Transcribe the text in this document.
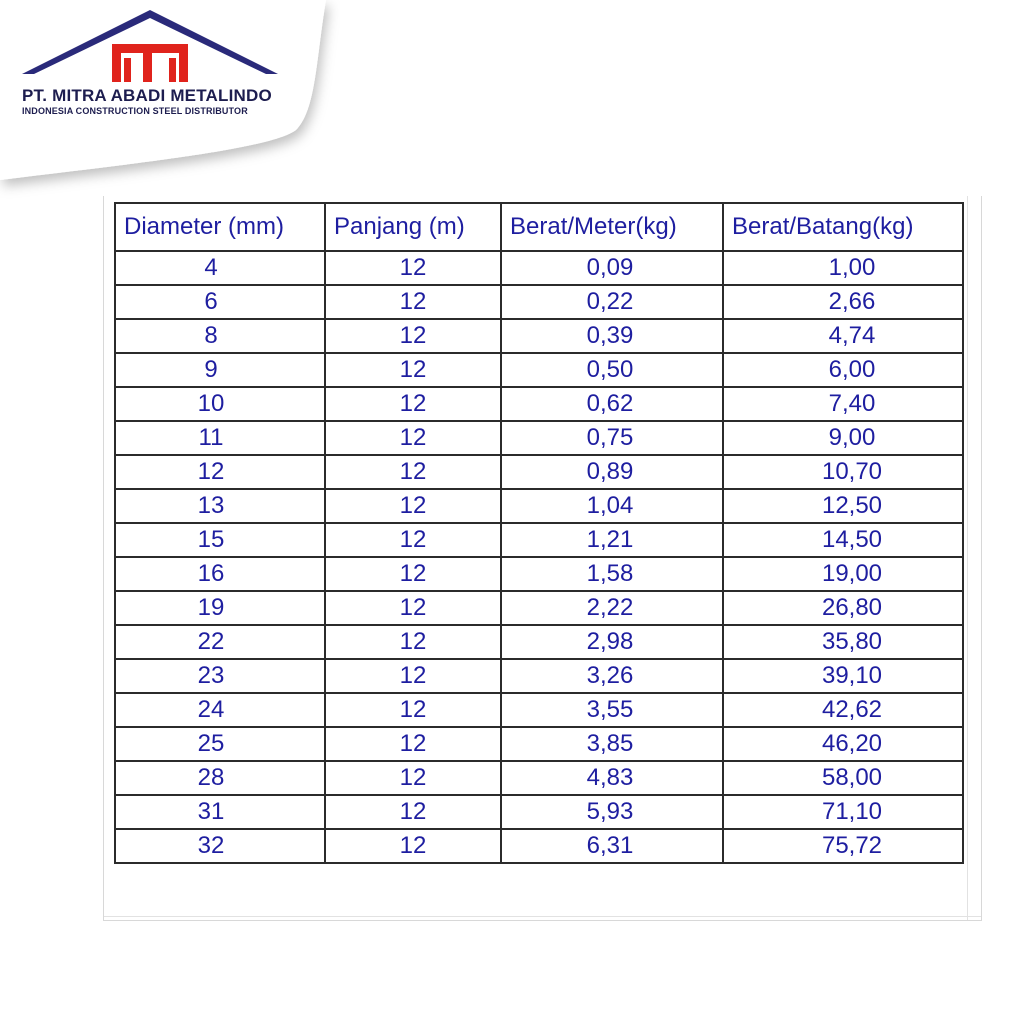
PT. MITRA ABADI METALINDO
INDONESIA CONSTRUCTION STEEL DISTRIBUTOR
Diameter (mm)	Panjang (m)	Berat/Meter(kg)	Berat/Batang(kg)
4	12	0,09	1,00
6	12	0,22	2,66
8	12	0,39	4,74
9	12	0,50	6,00
10	12	0,62	7,40
11	12	0,75	9,00
12	12	0,89	10,70
13	12	1,04	12,50
15	12	1,21	14,50
16	12	1,58	19,00
19	12	2,22	26,80
22	12	2,98	35,80
23	12	3,26	39,10
24	12	3,55	42,62
25	12	3,85	46,20
28	12	4,83	58,00
31	12	5,93	71,10
32	12	6,31	75,72
